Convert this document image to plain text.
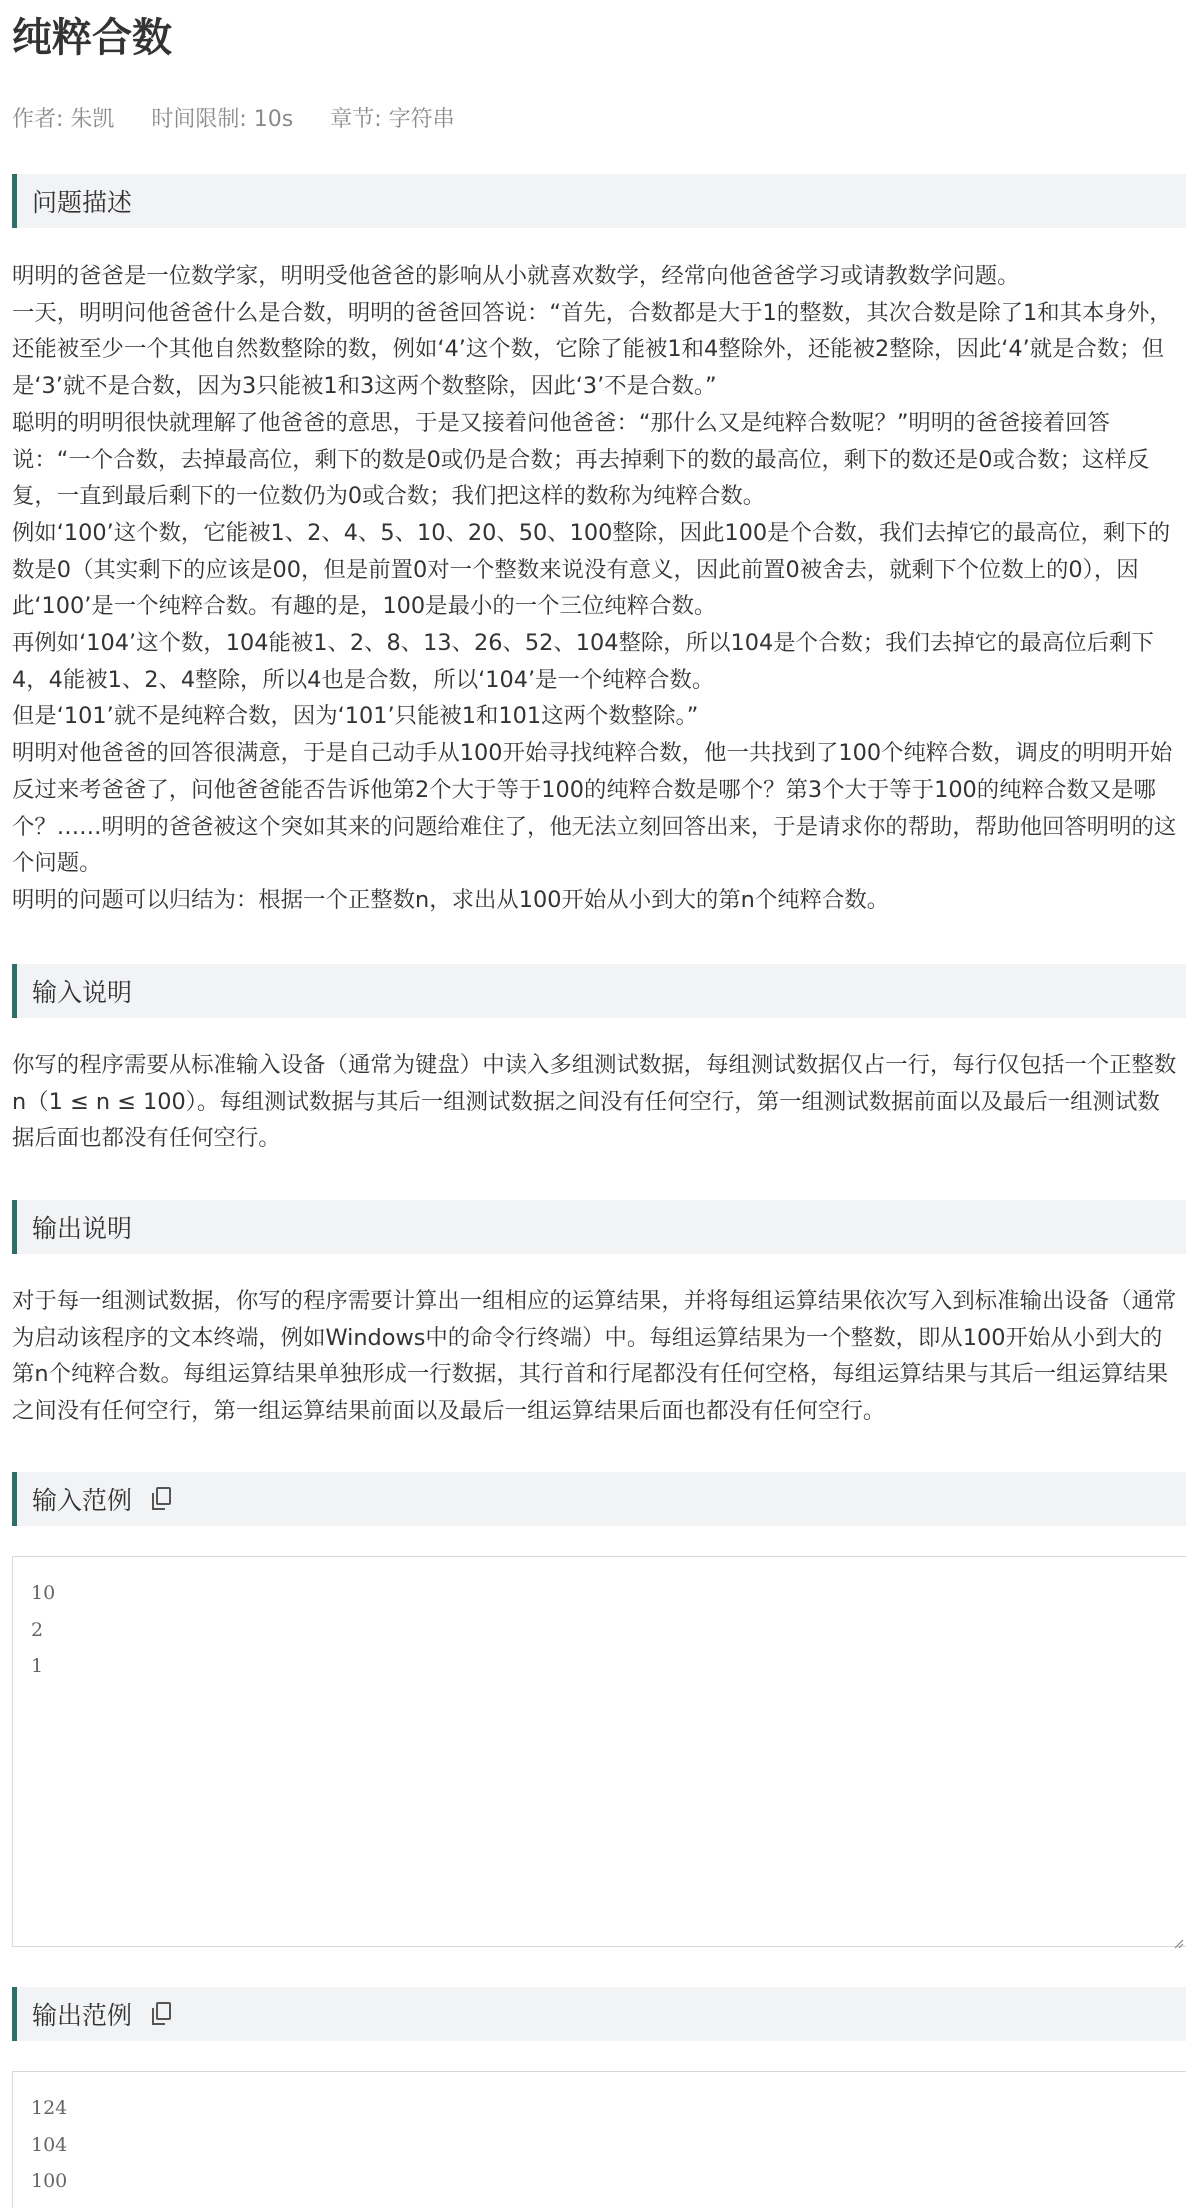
纯粹合数
作者: 朱凯 时间限制: 10s 章节: 字符串
问题描述

明明的爸爸是一位数学家，明明受他爸爸的影响从小就喜欢数学，经常向他爸爸学习或请教数学问题。

一天，明明问他爸爸什么是合数，明明的爸爸回答说：“首先，合数都是大于1的整数，其次合数是除了1和其本身外，还能被至少一个其他自然数整除的数，例如‘4’这个数，它除了能被1和4整除外，还能被2整除，因此‘4’就是合数；但是‘3’就不是合数，因为3只能被1和3这两个数整除，因此‘3’不是合数。”

聪明的明明很快就理解了他爸爸的意思，于是又接着问他爸爸：“那什么又是纯粹合数呢？”明明的爸爸接着回答说：“一个合数，去掉最高位，剩下的数是0或仍是合数；再去掉剩下的数的最高位，剩下的数还是0或合数；这样反复，一直到最后剩下的一位数仍为0或合数；我们把这样的数称为纯粹合数。

例如‘100’这个数，它能被1、2、4、5、10、20、50、100整除，因此100是个合数，我们去掉它的最高位，剩下的数是0（其实剩下的应该是00，但是前置0对一个整数来说没有意义，因此前置0被舍去，就剩下个位数上的0），因此‘100’是一个纯粹合数。有趣的是，100是最小的一个三位纯粹合数。

再例如‘104’这个数，104能被1、2、8、13、26、52、104整除，所以104是个合数；我们去掉它的最高位后剩下4，4能被1、2、4整除，所以4也是合数，所以‘104’是一个纯粹合数。

但是‘101’就不是纯粹合数，因为‘101’只能被1和101这两个数整除。”

明明对他爸爸的回答很满意，于是自己动手从100开始寻找纯粹合数，他一共找到了100个纯粹合数，调皮的明明开始反过来考爸爸了，问他爸爸能否告诉他第2个大于等于100的纯粹合数是哪个？第3个大于等于100的纯粹合数又是哪个？……明明的爸爸被这个突如其来的问题给难住了，他无法立刻回答出来，于是请求你的帮助，帮助他回答明明的这个问题。

明明的问题可以归结为：根据一个正整数n，求出从100开始从小到大的第n个纯粹合数。

输入说明

你写的程序需要从标准输入设备（通常为键盘）中读入多组测试数据，每组测试数据仅占一行，每行仅包括一个正整数n（1 ≤ n ≤ 100）。每组测试数据与其后一组测试数据之间没有任何空行，第一组测试数据前面以及最后一组测试数据后面也都没有任何空行。

输出说明

对于每一组测试数据，你写的程序需要计算出一组相应的运算结果，并将每组运算结果依次写入到标准输出设备（通常为启动该程序的文本终端，例如Windows中的命令行终端）中。每组运算结果为一个整数，即从100开始从小到大的第n个纯粹合数。每组运算结果单独形成一行数据，其行首和行尾都没有任何空格，每组运算结果与其后一组运算结果之间没有任何空行，第一组运算结果前面以及最后一组运算结果后面也都没有任何空行。

输入范例
10
2
1
输出范例
124
104
100
